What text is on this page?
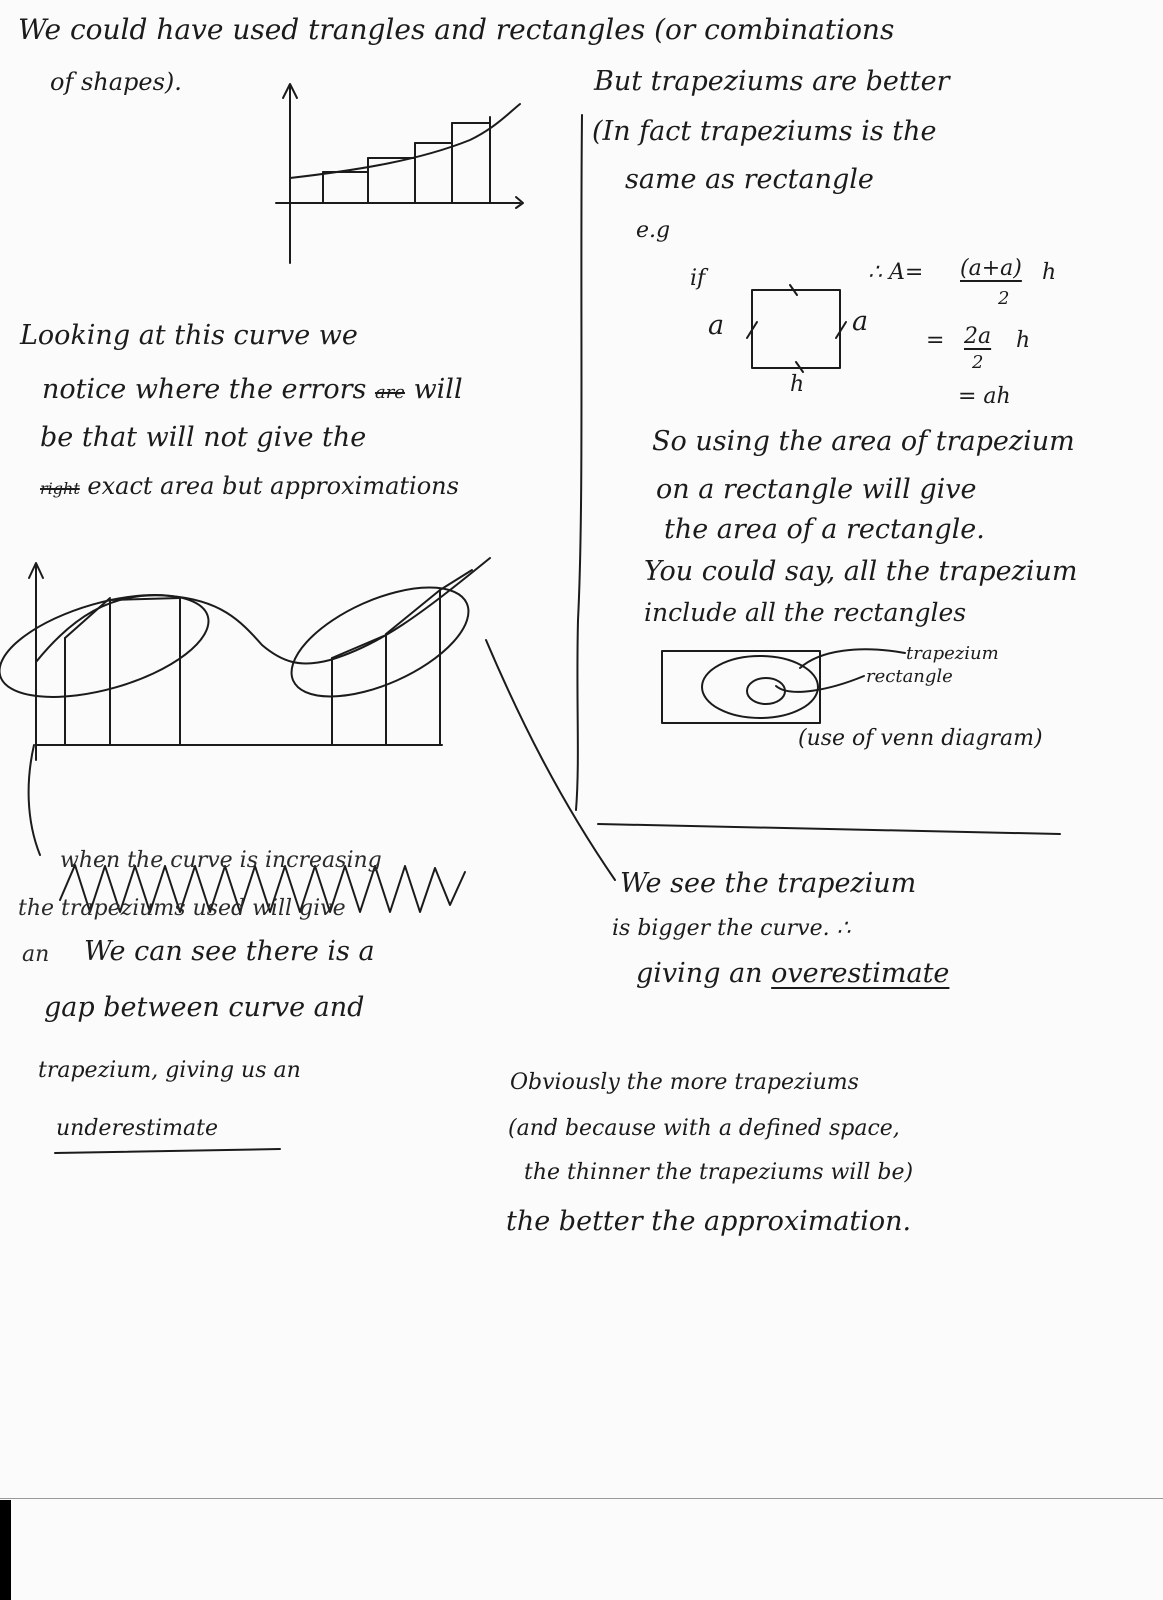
We could have used trangles and rectangles (or combinations
of shapes).	But trapeziums are better
(In fact trapeziums is the
same as rectangle
e.g
if
a	a
h
∴ A= (a+a)
2
h
= 2a
2
h
= ah
Looking at this curve we
notice where the errors are will
be that will not give the
right exact area but approximations
So using the area of trapezium
on a rectangle will give
the area of a rectangle.
You could say, all the trapezium
include all the rectangles
trapezium
rectangle
(use of venn diagram)
when the curve is increasing
the trapeziums used will give
an We can see there is a
gap between curve and
trapezium, giving us an
underestimate
We see the trapezium
is bigger the curve. ∴
giving an overestimate
Obviously the more trapeziums
(and because with a defined space,
the thinner the trapeziums will be)
the better the approximation.
